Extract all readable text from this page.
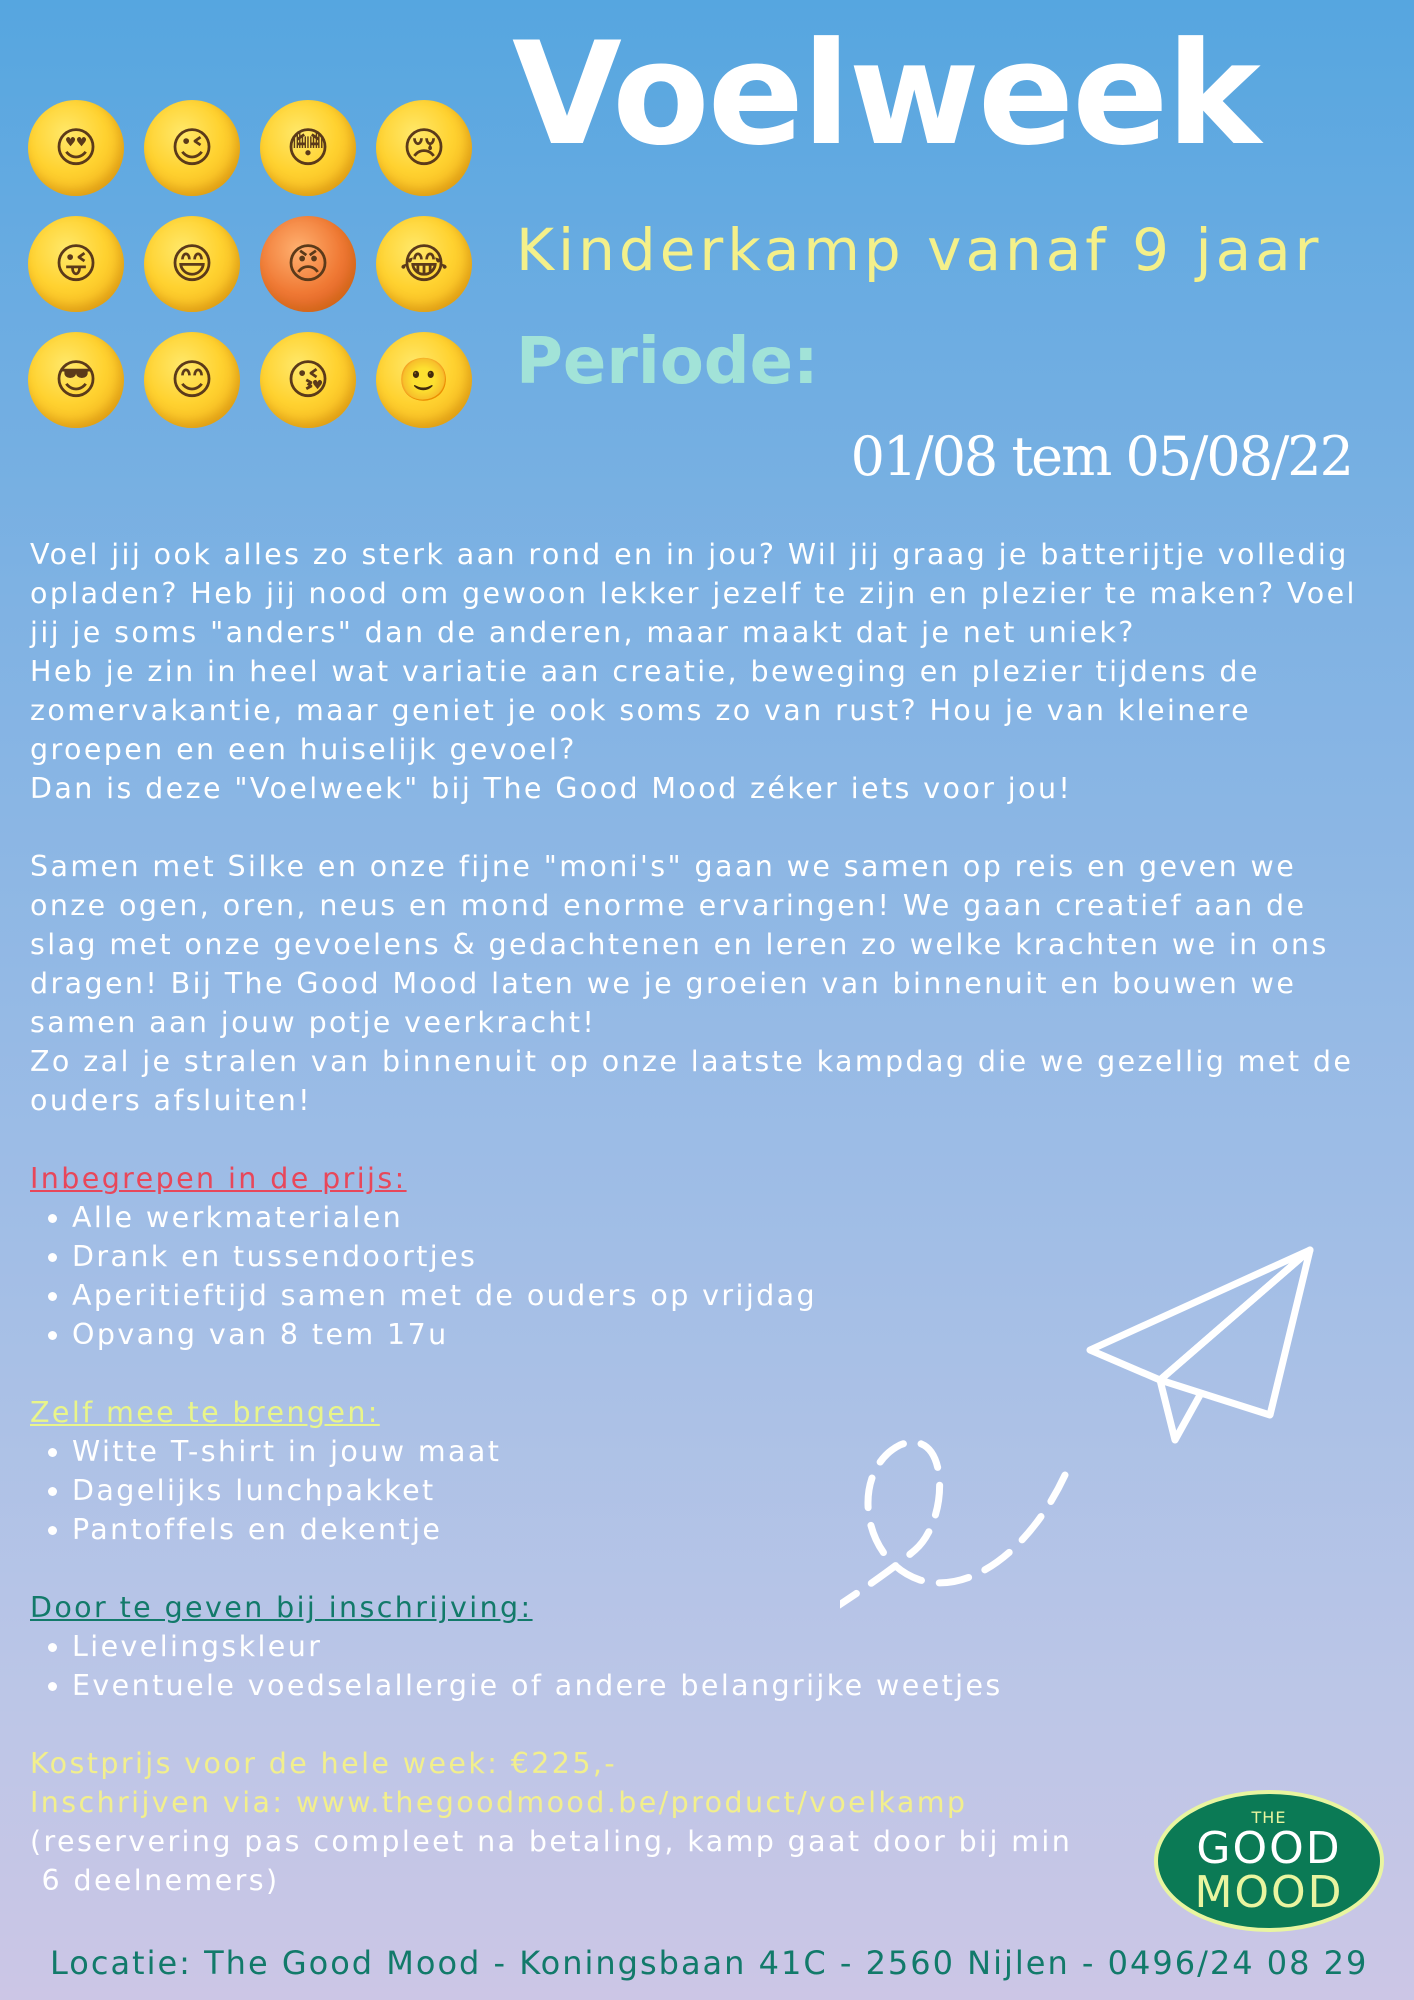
😍 😉 😳 😢
😜 😄 😠 😂
😎 😊 😘 🙂
Voelweek
Kinderkamp vanaf 9 jaar
Periode:
01/08 tem 05/08/22

Voel jij ook alles zo sterk aan rond en in jou? Wil jij graag je batterijtje volledig opladen? Heb jij nood om gewoon lekker jezelf te zijn en plezier te maken? Voel jij je soms "anders" dan de anderen, maar maakt dat je net uniek?

Heb je zin in heel wat variatie aan creatie, beweging en plezier tijdens de zomervakantie, maar geniet je ook soms zo van rust? Hou je van kleinere groepen en een huiselijk gevoel?

Dan is deze "Voelweek" bij The Good Mood zéker iets voor jou!

Samen met Silke en onze fijne "moni's" gaan we samen op reis en geven we onze ogen, oren, neus en mond enorme ervaringen! We gaan creatief aan de slag met onze gevoelens & gedachtenen en leren zo welke krachten we in ons dragen! Bij The Good Mood laten we je groeien van binnenuit en bouwen we samen aan jouw potje veerkracht!

Zo zal je stralen van binnenuit op onze laatste kampdag die we gezellig met de ouders afsluiten!

Inbegrepen in de prijs:

• Alle werkmaterialen
• Drank en tussendoortjes
• Aperitieftijd samen met de ouders op vrijdag
• Opvang van 8 tem 17u

Zelf mee te brengen:

• Witte T-shirt in jouw maat
• Dagelijks lunchpakket
• Pantoffels en dekentje

Door te geven bij inschrijving:

• Lievelingskleur
• Eventuele voedselallergie of andere belangrijke weetjes

Kostprijs voor de hele week: €225,-

Inschrijven via: www.thegoodmood.be/product/voelkamp

(reservering pas compleet na betaling, kamp gaat door bij min

6 deelnemers)

THE
GOOD
MOOD
Locatie: The Good Mood - Koningsbaan 41C - 2560 Nijlen - 0496/24 08 29
